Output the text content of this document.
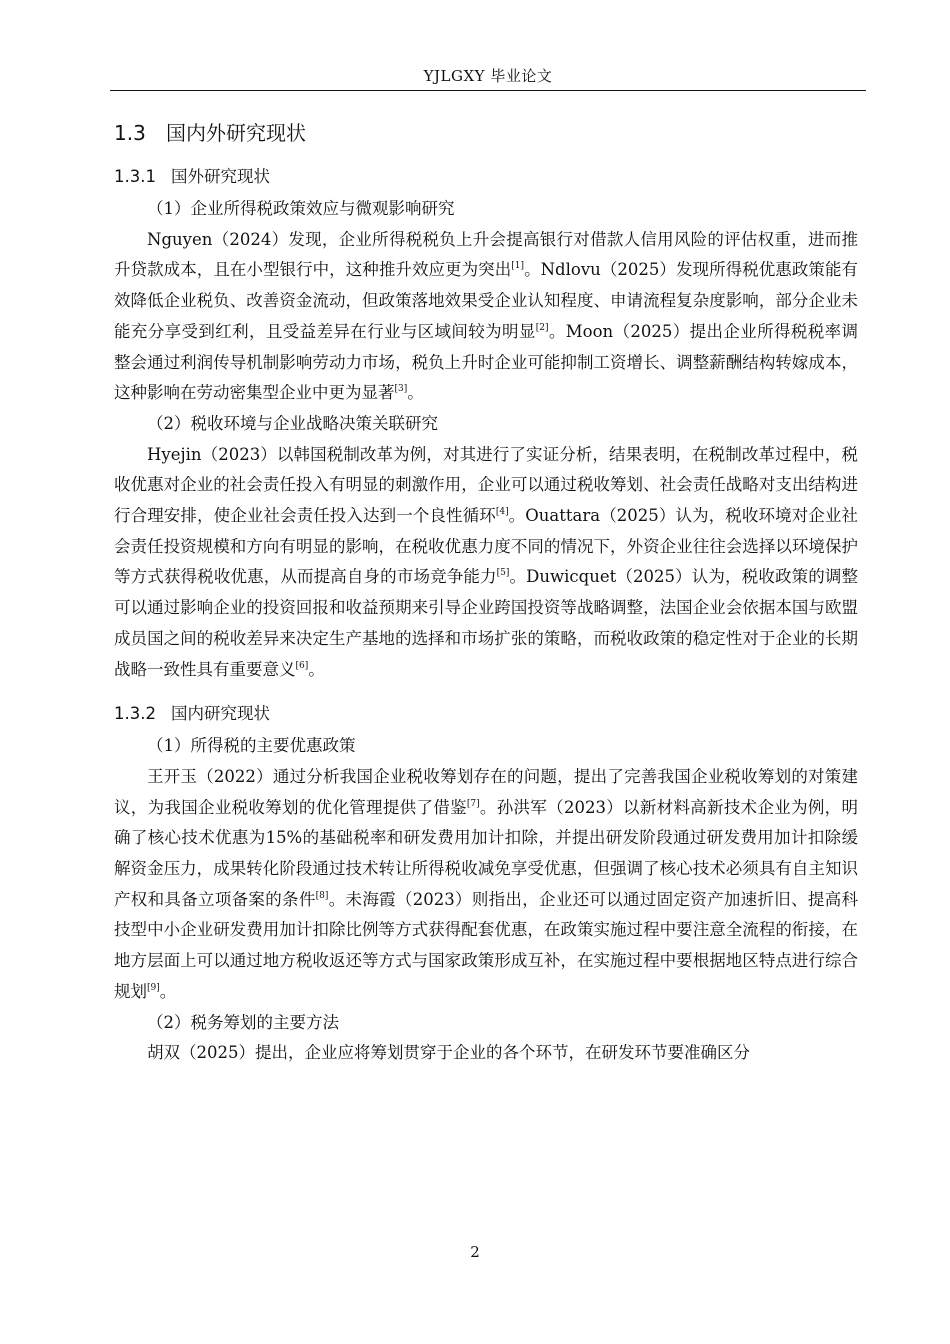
YJLGXY 毕业论文
1.3 国内外研究现状
1.3.1 国外研究现状

（1）企业所得税政策效应与微观影响研究

Nguyen（2024）发现，企业所得税税负上升会提高银行对借款人信用风险的评估权重，进而推升贷款成本，且在小型银行中，这种推升效应更为突出[1]。Ndlovu（2025）发现所得税优惠政策能有效降低企业税负、改善资金流动，但政策落地效果受企业认知程度、申请流程复杂度影响，部分企业未能充分享受到红利，且受益差异在行业与区域间较为明显[2]。Moon（2025）提出企业所得税税率调整会通过利润传导机制影响劳动力市场，税负上升时企业可能抑制工资增长、调整薪酬结构转嫁成本，这种影响在劳动密集型企业中更为显著[3]。

（2）税收环境与企业战略决策关联研究

Hyejin（2023）以韩国税制改革为例，对其进行了实证分析，结果表明，在税制改革过程中，税收优惠对企业的社会责任投入有明显的刺激作用，企业可以通过税收筹划、社会责任战略对支出结构进行合理安排，使企业社会责任投入达到一个良性循环[4]。Ouattara（2025）认为，税收环境对企业社会责任投资规模和方向有明显的影响，在税收优惠力度不同的情况下，外资企业往往会选择以环境保护等方式获得税收优惠，从而提高自身的市场竞争能力[5]。Duwicquet（2025）认为，税收政策的调整可以通过影响企业的投资回报和收益预期来引导企业跨国投资等战略调整，法国企业会依据本国与欧盟成员国之间的税收差异来决定生产基地的选择和市场扩张的策略，而税收政策的稳定性对于企业的长期战略一致性具有重要意义[6]。

1.3.2 国内研究现状

（1）所得税的主要优惠政策

王开玉（2022）通过分析我国企业税收筹划存在的问题，提出了完善我国企业税收筹划的对策建议，为我国企业税收筹划的优化管理提供了借鉴[7]。孙洪军（2023）以新材料高新技术企业为例，明确了核心技术优惠为15%的基础税率和研发费用加计扣除，并提出研发阶段通过研发费用加计扣除缓解资金压力，成果转化阶段通过技术转让所得税收减免享受优惠，但强调了核心技术必须具有自主知识产权和具备立项备案的条件[8]。未海霞（2023）则指出，企业还可以通过固定资产加速折旧、提高科技型中小企业研发费用加计扣除比例等方式获得配套优惠，在政策实施过程中要注意全流程的衔接，在地方层面上可以通过地方税收返还等方式与国家政策形成互补，在实施过程中要根据地区特点进行综合规划[9]。

（2）税务筹划的主要方法

胡双（2025）提出，企业应将筹划贯穿于企业的各个环节，在研发环节要准确区分

2
